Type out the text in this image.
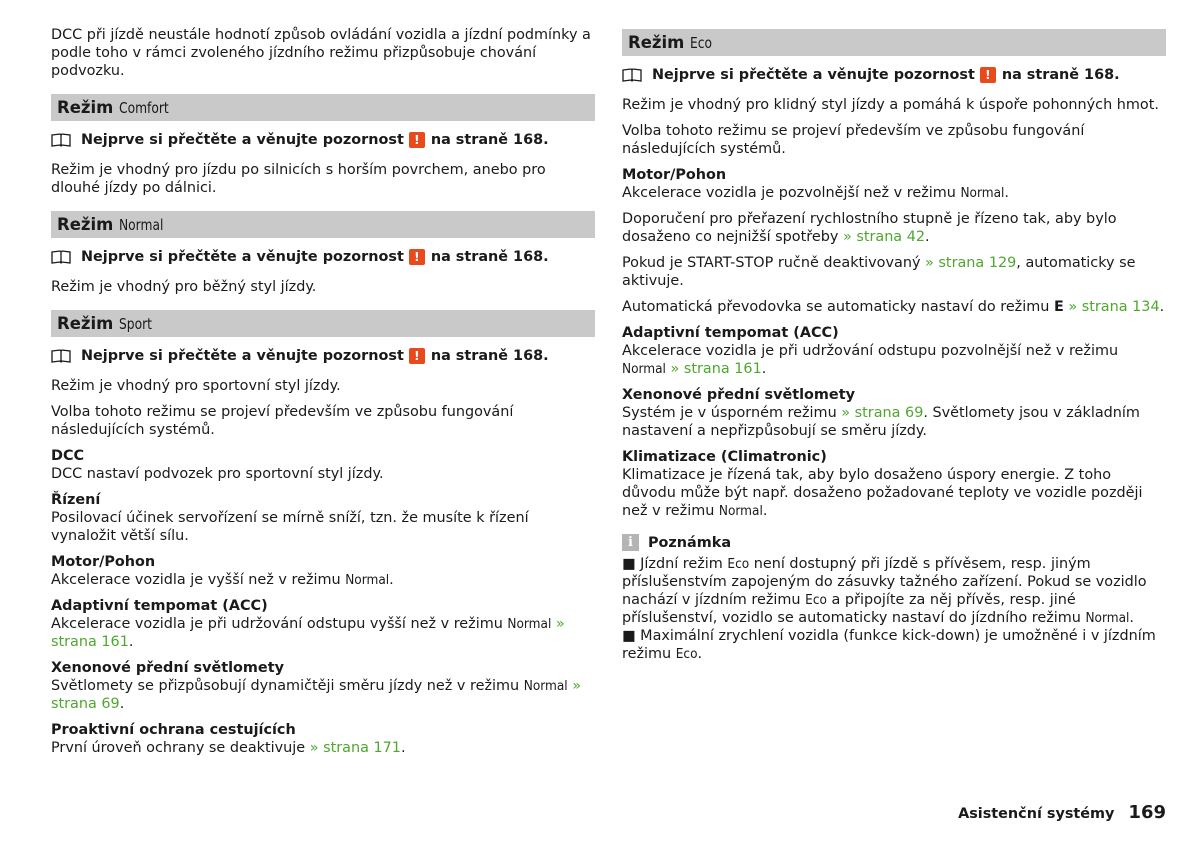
DCC při jízdě neustále hodnotí způsob ovládání vozidla a jízdní podmínky a podle toho v rámci zvoleného jízdního režimu přizpůsobuje chování podvozku.

Režim Comfort
Nejprve si přečtěte a věnujte pozornost ! na straně 168.

Režim je vhodný pro jízdu po silnicích s horším povrchem, anebo pro dlouhé jízdy po dálnici.

Režim Normal
Nejprve si přečtěte a věnujte pozornost ! na straně 168.

Režim je vhodný pro běžný styl jízdy.

Režim Sport
Nejprve si přečtěte a věnujte pozornost ! na straně 168.

Režim je vhodný pro sportovní styl jízdy.

Volba tohoto režimu se projeví především ve způsobu fungování následujících systémů.

DCC

DCC nastaví podvozek pro sportovní styl jízdy.

Řízení

Posilovací účinek servořízení se mírně sníží, tzn. že musíte k řízení vynaložit větší sílu.

Motor/Pohon

Akcelerace vozidla je vyšší než v režimu Normal.

Adaptivní tempomat (ACC)

Akcelerace vozidla je při udržování odstupu vyšší než v režimu Normal » strana 161.

Xenonové přední světlomety

Světlomety se přizpůsobují dynamičtěji směru jízdy než v režimu Normal » strana 69.

Proaktivní ochrana cestujících

První úroveň ochrany se deaktivuje » strana 171.

Režim Eco
Nejprve si přečtěte a věnujte pozornost ! na straně 168.

Režim je vhodný pro klidný styl jízdy a pomáhá k úspoře pohonných hmot.

Volba tohoto režimu se projeví především ve způsobu fungování následujících systémů.

Motor/Pohon

Akcelerace vozidla je pozvolnější než v režimu Normal.

Doporučení pro přeřazení rychlostního stupně je řízeno tak, aby bylo dosaženo co nejnižší spotřeby » strana 42.

Pokud je START-STOP ručně deaktivovaný » strana 129, automaticky se aktivuje.

Automatická převodovka se automaticky nastaví do režimu E » strana 134.

Adaptivní tempomat (ACC)

Akcelerace vozidla je při udržování odstupu pozvolnější než v režimu Normal » strana 161.

Xenonové přední světlomety

Systém je v úsporném režimu » strana 69. Světlomety jsou v základním nastavení a nepřizpůsobují se směru jízdy.

Klimatizace (Climatronic)

Klimatizace je řízená tak, aby bylo dosaženo úspory energie. Z toho důvodu může být např. dosaženo požadované teploty ve vozidle později než v režimu Normal.

i	Poznámka

■ Jízdní režim Eco není dostupný při jízdě s přívěsem, resp. jiným příslušenstvím zapojeným do zásuvky tažného zařízení. Pokud se vozidlo nachází v jízdním režimu Eco a připojíte za něj přívěs, resp. jiné příslušenství, vozidlo se automaticky nastaví do jízdního režimu Normal.

■ Maximální zrychlení vozidla (funkce kick-down) je umožněné i v jízdním režimu Eco.

Asistenční systémy 169
